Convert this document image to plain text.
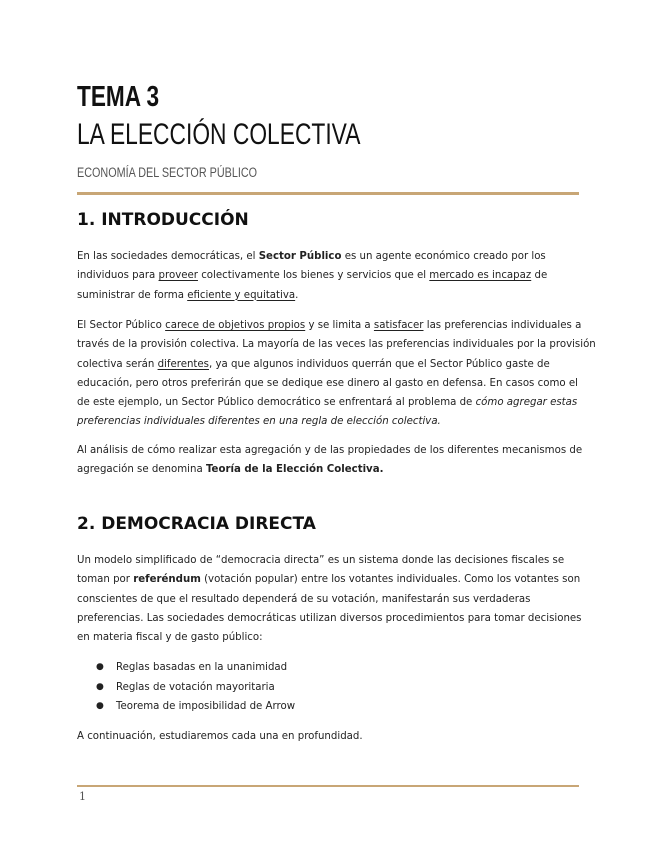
TEMA 3
LA ELECCIÓN COLECTIVA
ECONOMÍA DEL SECTOR PÚBLICO
1. INTRODUCCIÓN

En las sociedades democráticas, el Sector Público es un agente económico creado por los
individuos para proveer colectivamente los bienes y servicios que el mercado es incapaz de
suministrar de forma eficiente y equitativa.

El Sector Público carece de objetivos propios y se limita a satisfacer las preferencias individuales a
través de la provisión colectiva. La mayoría de las veces las preferencias individuales por la provisión
colectiva serán diferentes, ya que algunos individuos querrán que el Sector Público gaste de
educación, pero otros preferirán que se dedique ese dinero al gasto en defensa. En casos como el
de este ejemplo, un Sector Público democrático se enfrentará al problema de cómo agregar estas
preferencias individuales diferentes en una regla de elección colectiva.

Al análisis de cómo realizar esta agregación y de las propiedades de los diferentes mecanismos de
agregación se denomina Teoría de la Elección Colectiva.

2. DEMOCRACIA DIRECTA

Un modelo simplificado de “democracia directa” es un sistema donde las decisiones fiscales se
toman por referéndum (votación popular) entre los votantes individuales. Como los votantes son
conscientes de que el resultado dependerá de su votación, manifestarán sus verdaderas
preferencias. Las sociedades democráticas utilizan diversos procedimientos para tomar decisiones
en materia fiscal y de gasto público:

● Reglas basadas en la unanimidad
● Reglas de votación mayoritaria
● Teorema de imposibilidad de Arrow

A continuación, estudiaremos cada una en profundidad.

1
